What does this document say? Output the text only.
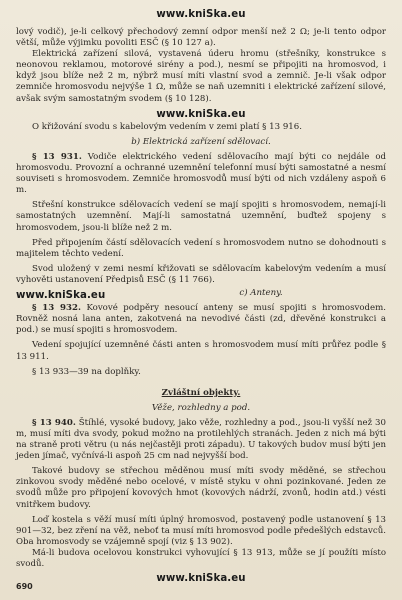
www.kniSka.eu

lový vodič), je-li celkový přechodový zemní odpor menší než 2 Ω; je-li tento odpor větší, může výjimku povoliti ESČ (§ 10 127 a).

Elektrická zařízení silová, vystavená úderu hromu (střešníky, konstrukce s neonovou reklamou, motorové sirény a pod.), nesmí se připojiti na hromosvod, i když jsou blíže než 2 m, nýbrž musí míti vlastní svod a zemnič. Je-li však odpor zemniče hromosvodu nejvýše 1 Ω, může se naň uzemniti i elektrické zařízení silové, avšak svým samostatným svodem (§ 10 128).

www.kniSka.eu

O křižování svodu s kabelovým vedením v zemi platí § 13 916.

b) Elektrická zařízení sdělovací.

§ 13 931. Vodiče elektrického vedení sdělovacího mají býti co nejdále od hromosvodu. Provozní a ochranné uzemnění telefonní musí býti samostatné a nesmí souviseti s hromosvodem. Zemniče hromosvodů musí býti od nich vzdáleny aspoň 6 m.

Střešní konstrukce sdělovacích vedení se mají spojiti s hromosvodem, nemají-li samostatných uzemnění. Mají-li samostatná uzemnění, buďtež spojeny s hromosvodem, jsou-li blíže než 2 m.

Před připojením částí sdělovacích vedení s hromosvodem nutno se dohodnouti s majitelem těchto vedení.

Svod uložený v zemi nesmí křižovati se sdělovacím kabelovým vedením a musí vyhověti ustanovení Předpisů ESČ (§ 11 766).

www.kniSka.eu	c) Anteny.

§ 13 932. Kovové podpěry nesoucí anteny se musí spojiti s hromosvodem. Rovněž nosná lana anten, zakotvená na nevodivé části (zd, dřevěné konstrukci a pod.) se musí spojiti s hromosvodem.

Vedení spojující uzemněné části anten s hromosvodem musí míti průřez podle § 13 911.

§ 13 933—39 na doplňky.

Zvláštní objekty.
Věže, rozhledny a pod.

§ 13 940. Štíhlé, vysoké budovy, jako věže, rozhledny a pod., jsou-li vyšší než 30 m, musí míti dva svody, pokud možno na protilehlých stranách. Jeden z nich má býti na straně proti větru (u nás nejčastěji proti západu). U takových budov musí býti jen jeden jímač, vyčnívá-li aspoň 25 cm nad nejvyšší bod.

Takové budovy se střechou měděnou musí míti svody měděné, se střechou zinkovou svody měděné nebo ocelové, v místě styku v ohni pozinkované. Jeden ze svodů může pro připojení kovových hmot (kovových nádrží, zvonů, hodin atd.) vésti vnitřkem budovy.

Loď kostela s věží musí míti úplný hromosvod, postavený podle ustanovení § 13 901—32, bez zření na věž, neboť ta musí míti hromosvod podle předešlých edstavců. Oba hromosvody se vzájemně spojí (viz § 13 902).

Má-li budova ocelovou konstrukci vyhovující § 13 913, může se jí použíti místo svodů.

690
www.kniSka.eu
